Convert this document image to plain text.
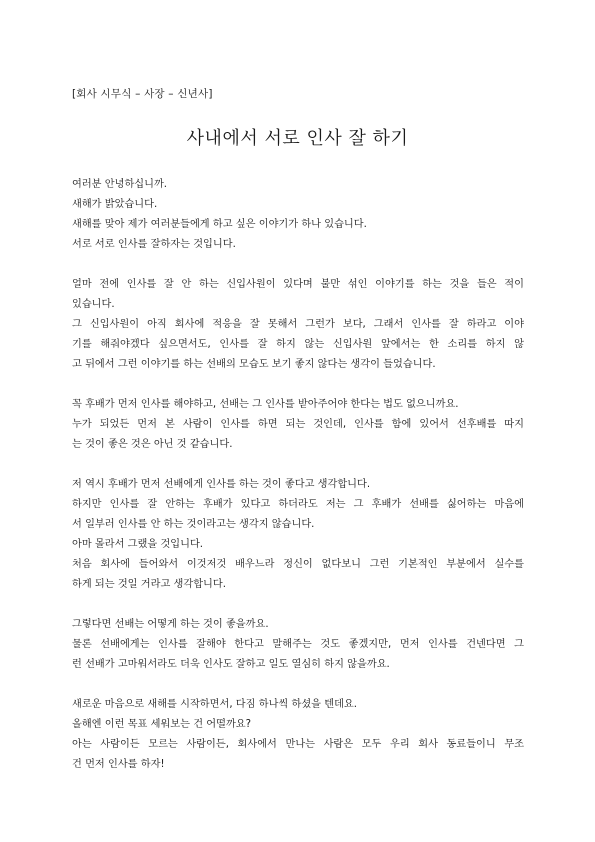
[회사 시무식 – 사장 – 신년사]
사내에서 서로 인사 잘 하기
여러분 안녕하십니까.
새해가 밝았습니다.
새해를 맞아 제가 여러분들에게 하고 싶은 이야기가 하나 있습니다.
서로 서로 인사를 잘하자는 것입니다.
얼마 전에 인사를 잘 안 하는 신입사원이 있다며 불만 섞인 이야기를 하는 것을 들은 적이
있습니다.
그 신입사원이 아직 회사에 적응을 잘 못해서 그런가 보다, 그래서 인사를 잘 하라고 이야
기를 해줘야겠다 싶으면서도, 인사를 잘 하지 않는 신입사원 앞에서는 한 소리를 하지 않
고 뒤에서 그런 이야기를 하는 선배의 모습도 보기 좋지 않다는 생각이 들었습니다.
꼭 후배가 먼저 인사를 해야하고, 선배는 그 인사를 받아주어야 한다는 법도 없으니까요.
누가 되었든 먼저 본 사람이 인사를 하면 되는 것인데, 인사를 함에 있어서 선후배를 따지
는 것이 좋은 것은 아닌 것 같습니다.
저 역시 후배가 먼저 선배에게 인사를 하는 것이 좋다고 생각합니다.
하지만 인사를 잘 안하는 후배가 있다고 하더라도 저는 그 후배가 선배를 싫어하는 마음에
서 일부러 인사를 안 하는 것이라고는 생각지 않습니다.
아마 몰라서 그랬을 것입니다.
처음 회사에 들어와서 이것저것 배우느라 정신이 없다보니 그런 기본적인 부분에서 실수를
하게 되는 것일 거라고 생각합니다.
그렇다면 선배는 어떻게 하는 것이 좋을까요.
물론 선배에게는 인사를 잘해야 한다고 말해주는 것도 좋겠지만, 먼저 인사를 건넨다면 그
런 선배가 고마워서라도 더욱 인사도 잘하고 일도 열심히 하지 않을까요.
새로운 마음으로 새해를 시작하면서, 다짐 하나씩 하셨을 텐데요.
올해엔 이런 목표 세워보는 건 어떨까요?
아는 사람이든 모르는 사람이든, 회사에서 만나는 사람은 모두 우리 회사 동료들이니 무조
건 먼저 인사를 하자!
